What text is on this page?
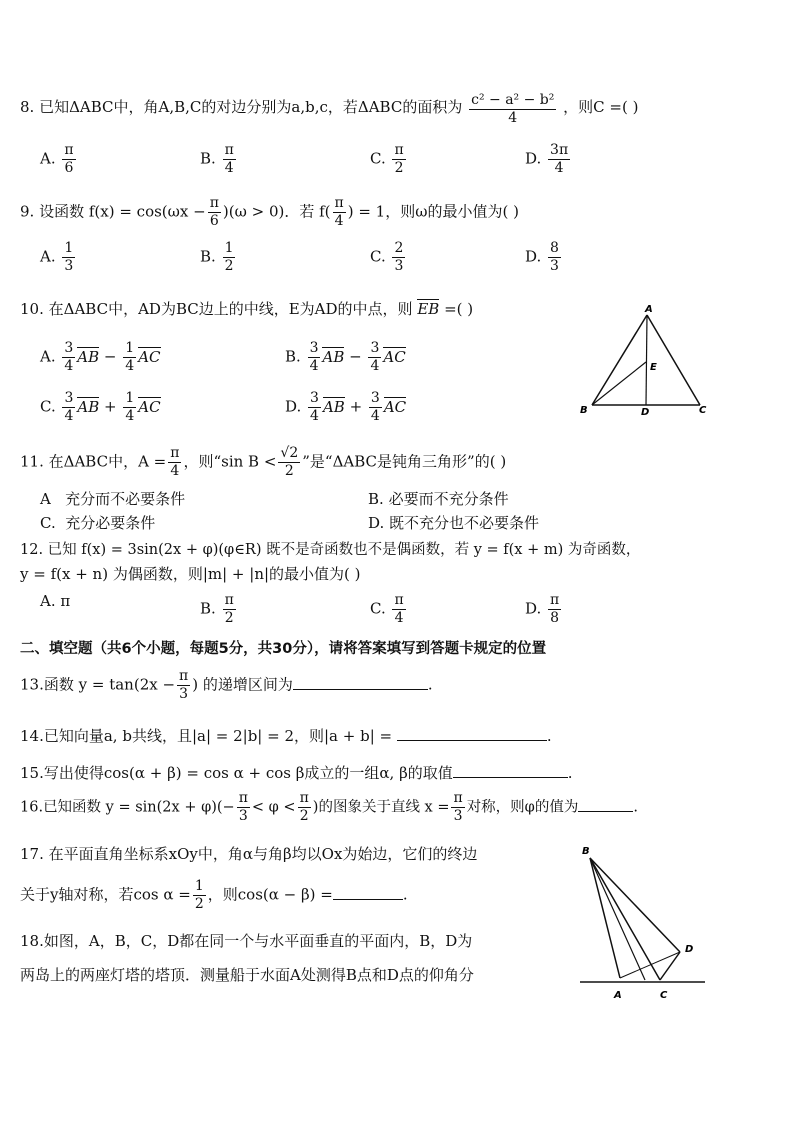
8. 已知ΔABC中，角A,B,C的对边分别为a,b,c，若ΔABC的面积为 $\frac{\text{c² − a² − b²}}{4}$ ，则C =( )
A. $\frac{\pi}{6}$	B. $\frac{\pi}{4}$	C. $\frac{\pi}{2}$	D. $\frac{3\pi}{4}$
9. 设函数 $f(x) = \cos(\omega x - \frac{\pi}{6} )(\omega > 0)$．若 $f( \frac{\pi}{4}$ ) = 1，则ω的最小值为( )
A. $\frac{1}{3}$	B. $\frac{1}{2}$	C. $\frac{2}{3}$	D. $\frac{8}{3}$
10. 在ΔABC中，AD为BC边上的中线，E为AD的中点，则 EB =( )
A. $\frac{3}{4}$ AB − $\frac{1}{4}$ AC	B. $\frac{3}{4}$ AB − $\frac{3}{4}$ AC
C. $\frac{3}{4}$ AB + $\frac{1}{4}$ AC	D. $\frac{3}{4}$ AB + $\frac{3}{4}$ AC
A
B	C
D
E
11. 在ΔABC中，$A = \frac{\pi}{4}$ ，则“sin $B < \frac{√2}{2}$ ”是“ΔABC是钝角三角形”的( )
A 充分而不必要条件	B. 必要而不充分条件
C. 充分必要条件	D. 既不充分也不必要条件
12. 已知 f(x) = 3sin(2x + φ)(φ∈R) 既不是奇函数也不是偶函数，若 y = f(x + m) 为奇函数，
y = f(x + n) 为偶函数，则|m| + |n|的最小值为( )
A. π	B. $\frac{\pi}{2}$	C. $\frac{\pi}{4}$	D. $\frac{\pi}{8}$
二、填空题（共6个小题，每题5分，共30分），请将答案填写到答题卡规定的位置
13.函数 $y = \tan(2x - \frac{\pi}{3}$ ) 的递增区间为	.
14.已知向量a, b共线，且|a| = 2|b| = 2，则|a + b| =	.
15.写出使得cos(α + β) = cos α + cos β成立的一组α, β的取值	.
16.已知函数 $y = \sin(2x + \varphi)(- \frac{\pi}{3} < \varphi < \frac{\pi}{2}$ )的图象关于直线 $x = \frac{\pi}{3}$ 对称，则φ的值为	.
17. 在平面直角坐标系xOy中，角α与角β均以Ox为始边，它们的终边
关于y轴对称，若$\cos \alpha = \frac{1}{2}$ ，则cos(α − β) =	.
18.如图，A，B，C，D都在同一个与水平面垂直的平面内，B，D为
两岛上的两座灯塔的塔顶．测量船于水面A处测得B点和D点的仰角分
B
D
A	C
